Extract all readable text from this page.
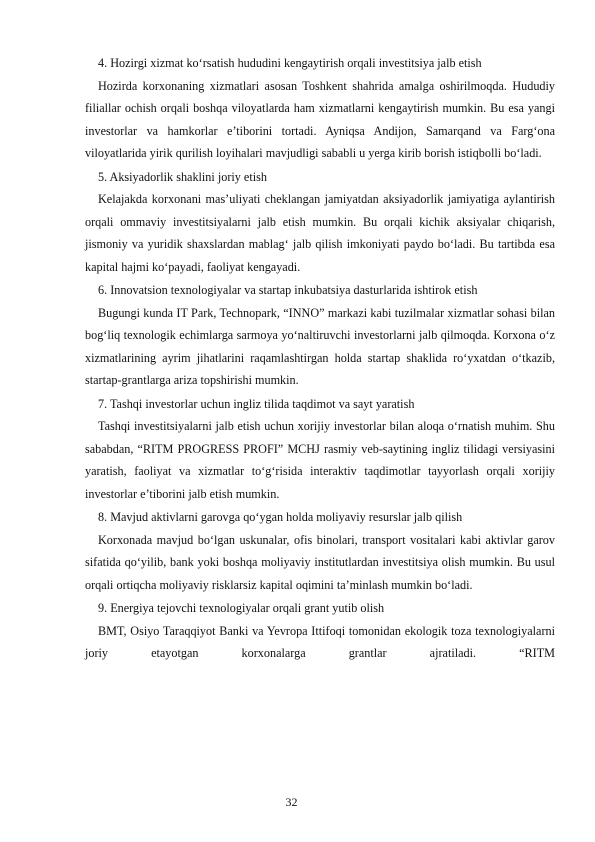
4. Hozirgi xizmat ko‘rsatish hududini kengaytirish orqali investitsiya jalb etish

Hozirda korxonaning xizmatlari asosan Toshkent shahrida amalga oshirilmoqda. Hududiy filiallar ochish orqali boshqa viloyatlarda ham xizmatlarni kengaytirish mumkin. Bu esa yangi investorlar va hamkorlar e’tiborini tortadi. Ayniqsa Andijon, Samarqand va Farg‘ona viloyatlarida yirik qurilish loyihalari mavjudligi sababli u yerga kirib borish istiqbolli bo‘ladi.

5. Aksiyadorlik shaklini joriy etish

Kelajakda korxonani mas’uliyati cheklangan jamiyatdan aksiyadorlik jamiyatiga aylantirish orqali ommaviy investitsiyalarni jalb etish mumkin. Bu orqali kichik aksiyalar chiqarish, jismoniy va yuridik shaxslardan mablag‘ jalb qilish imkoniyati paydo bo‘ladi. Bu tartibda esa kapital hajmi ko‘payadi, faoliyat kengayadi.

6. Innovatsion texnologiyalar va startap inkubatsiya dasturlarida ishtirok etish

Bugungi kunda IT Park, Technopark, “INNO” markazi kabi tuzilmalar xizmatlar sohasi bilan bog‘liq texnologik echimlarga sarmoya yo‘naltiruvchi investorlarni jalb qilmoqda. Korxona o‘z xizmatlarining ayrim jihatlarini raqamlashtirgan holda startap shaklida ro‘yxatdan o‘tkazib, startap-grantlarga ariza topshirishi mumkin.

7. Tashqi investorlar uchun ingliz tilida taqdimot va sayt yaratish

Tashqi investitsiyalarni jalb etish uchun xorijiy investorlar bilan aloqa o‘rnatish muhim. Shu sababdan, “RITM PROGRESS PROFI” MCHJ rasmiy veb-saytining ingliz tilidagi versiyasini yaratish, faoliyat va xizmatlar to‘g‘risida interaktiv taqdimotlar tayyorlash orqali xorijiy investorlar e’tiborini jalb etish mumkin.

8. Mavjud aktivlarni garovga qo‘ygan holda moliyaviy resurslar jalb qilish

Korxonada mavjud bo‘lgan uskunalar, ofis binolari, transport vositalari kabi aktivlar garov sifatida qo‘yilib, bank yoki boshqa moliyaviy institutlardan investitsiya olish mumkin. Bu usul orqali ortiqcha moliyaviy risklarsiz kapital oqimini ta’minlash mumkin bo‘ladi.

9. Energiya tejovchi texnologiyalar orqali grant yutib olish

BMT, Osiyo Taraqqiyot Banki va Yevropa Ittifoqi tomonidan ekologik toza texnologiyalarni joriy etayotgan korxonalarga grantlar ajratiladi. “RITM

32
